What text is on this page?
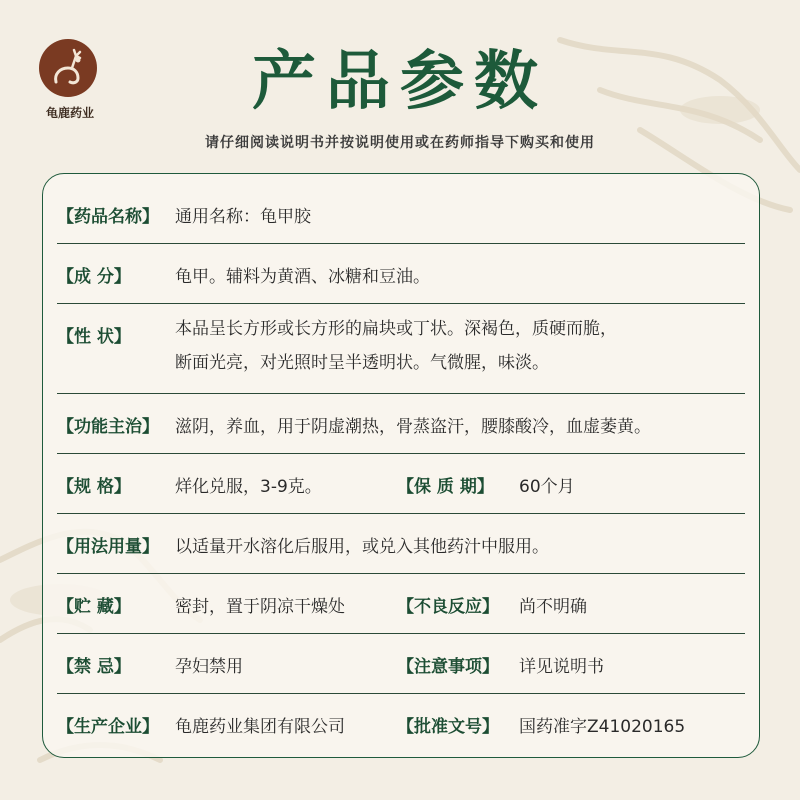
龟鹿药业	产品参数
请仔细阅读说明书并按说明使用或在药师指导下购买和使用
【药品名称】 通用名称：龟甲胶
【成 分】	龟甲。辅料为黄酒、冰糖和豆油。
【性 状】	本品呈长方形或长方形的扁块或丁状。深褐色，质硬而脆，
断面光亮，对光照时呈半透明状。气微腥，味淡。
【功能主治】 滋阴，养血，用于阴虚潮热，骨蒸盗汗，腰膝酸冷，血虚萎黄。
【规 格】	烊化兑服，3-9克。	【保 质 期】 60个月
【用法用量】 以适量开水溶化后服用，或兑入其他药汁中服用。
【贮 藏】	密封，置于阴凉干燥处	【不良反应】 尚不明确
【禁 忌】	孕妇禁用	【注意事项】 详见说明书
【生产企业】 龟鹿药业集团有限公司	【批准文号】 国药准字Z41020165
